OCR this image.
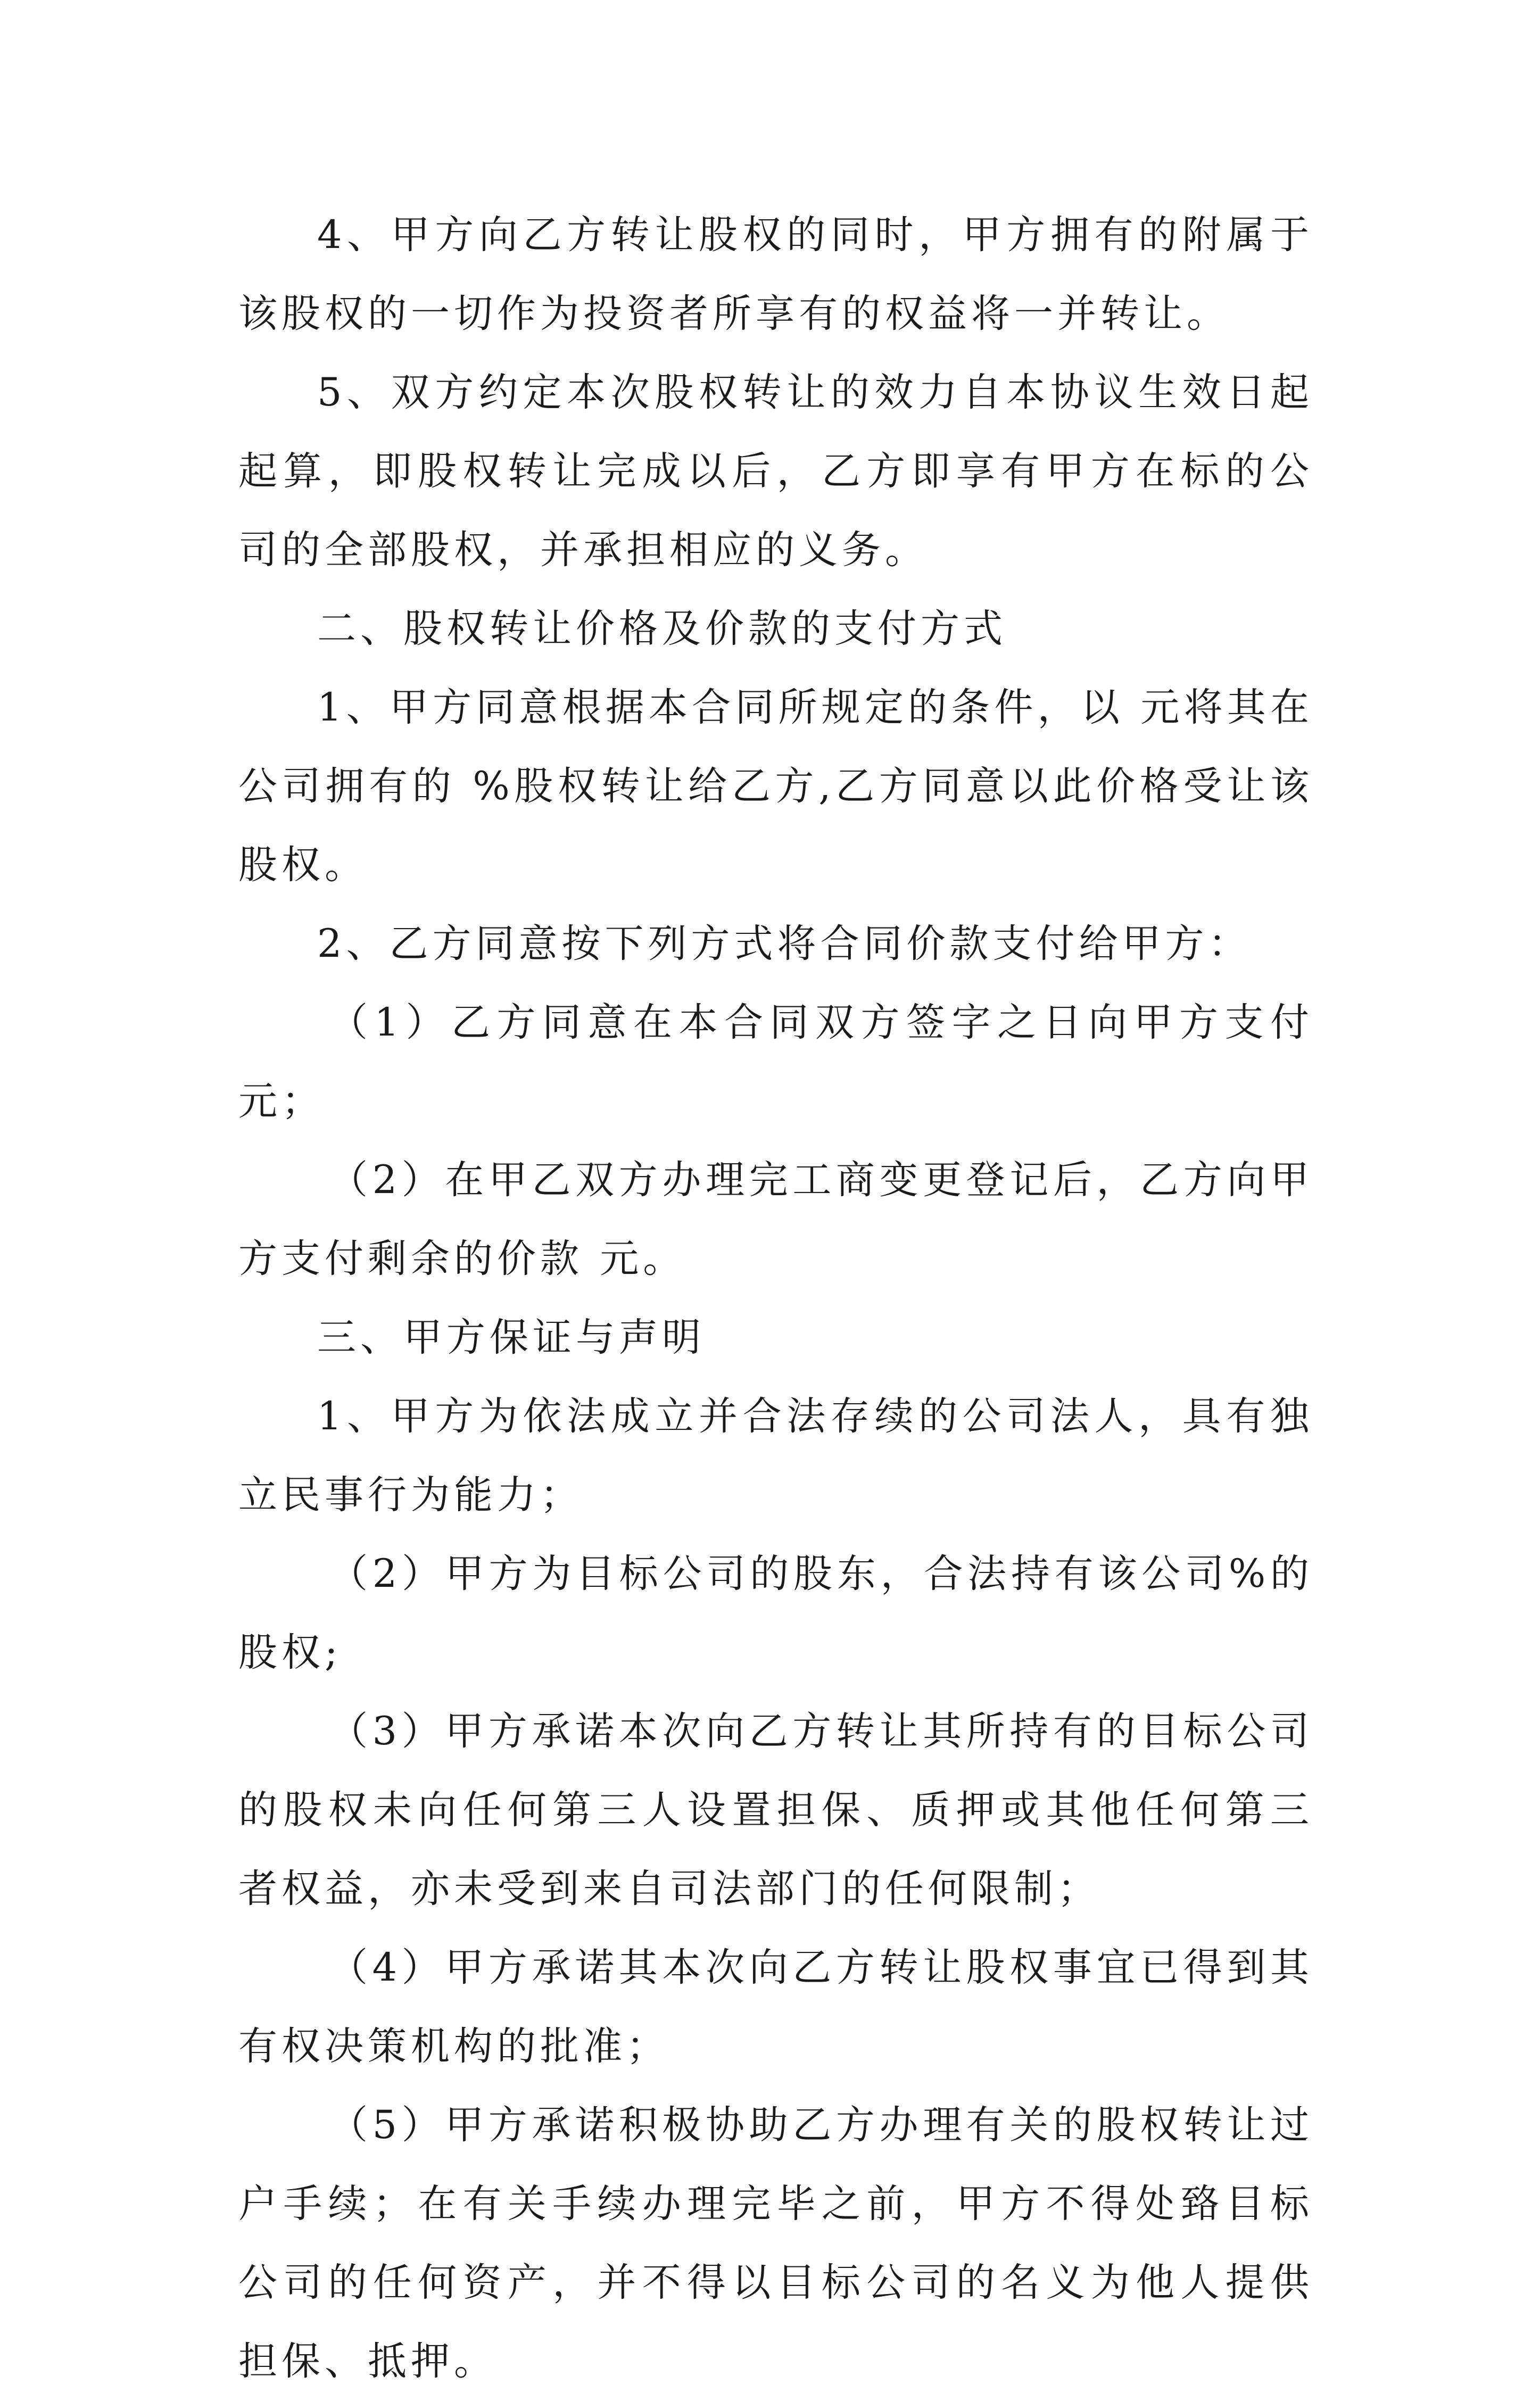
4、甲方向乙方转让股权的同时，甲方拥有的附属于该股权的一切作为投资者所享有的权益将一并转让。

5、双方约定本次股权转让的效力自本协议生效日起起算，即股权转让完成以后，乙方即享有甲方在标的公司的全部股权，并承担相应的义务。

二、股权转让价格及价款的支付方式

1、甲方同意根据本合同所规定的条件，以 元将其在公司拥有的 %股权转让给乙方,乙方同意以此价格受让该股权。

2、乙方同意按下列方式将合同价款支付给甲方：

（1）乙方同意在本合同双方签字之日向甲方支付 元；

（2）在甲乙双方办理完工商变更登记后，乙方向甲方支付剩余的价款 元。

三、甲方保证与声明

1、甲方为依法成立并合法存续的公司法人，具有独立民事行为能力；

（2）甲方为目标公司的股东，合法持有该公司%的股权;

（3）甲方承诺本次向乙方转让其所持有的目标公司的股权未向任何第三人设置担保、质押或其他任何第三者权益，亦未受到来自司法部门的任何限制；

（4）甲方承诺其本次向乙方转让股权事宜已得到其有权决策机构的批准；

（5）甲方承诺积极协助乙方办理有关的股权转让过户手续；在有关手续办理完毕之前，甲方不得处臵目标公司的任何资产，并不得以目标公司的名义为他人提供担保、抵押。
